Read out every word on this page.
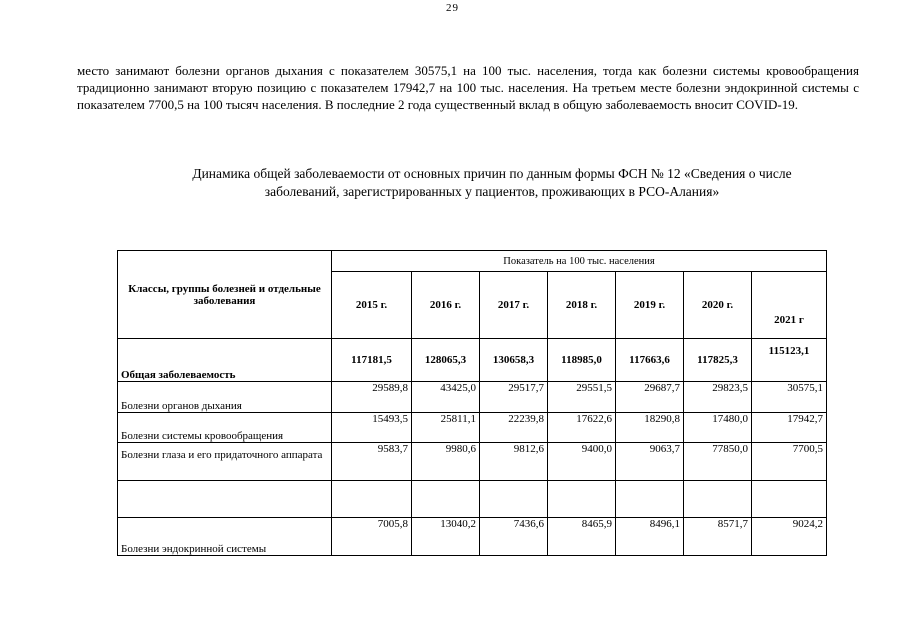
29
место занимают болезни органов дыхания с показателем 30575,1 на 100 тыс. населения, тогда как болезни системы кровообращения традиционно занимают вторую позицию с показателем 17942,7 на 100 тыс. населения. На третьем месте болезни эндокринной системы с показателем 7700,5 на 100 тысяч населения. В последние 2 года существенный вклад в общую заболеваемость вносит COVID-19.
Динамика общей заболеваемости от основных причин по данным формы ФСН № 12 «Сведения о числе
заболеваний, зарегистрированных у пациентов, проживающих в РСО-Алания»
Классы, группы болезней и отдельные заболевания	Показатель на 100 тыс. населения						
	2015 г.	2016 г.	2017 г.	2018 г.	2019 г.	2020 г.	2021 г
Общая заболеваемость	117181,5	128065,3	130658,3	118985,0	117663,6	117825,3	115123,1
Болезни органов дыхания	29589,8	43425,0	29517,7	29551,5	29687,7	29823,5	30575,1
Болезни системы кровообращения	15493,5	25811,1	22239,8	17622,6	18290,8	17480,0	17942,7
Болезни глаза и его придаточного аппарата	9583,7	9980,6	9812,6	9400,0	9063,7	77850,0	7700,5

Болезни эндокринной системы	7005,8	13040,2	7436,6	8465,9	8496,1	8571,7	9024,2
